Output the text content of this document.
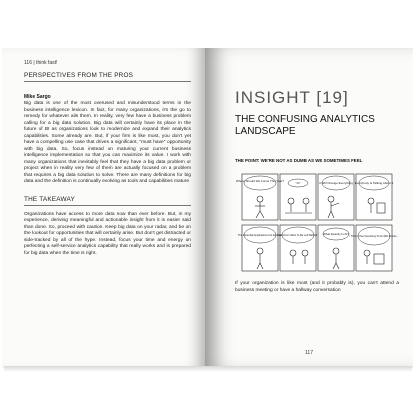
116 | think fast!
PERSPECTIVES FROM THE PROS
Mike Sargo

Big data is one of the most overused and misunderstood terms in the business intelligence lexicon. In fact, for many organizations, it's the go to remedy for whatever ails them. In reality, very few have a business problem calling for a big data solution. Big data will certainly have its place in the future of BI as organizations look to modernize and expand their analytics capabilities. Some already are. But, if your firm is like most, you don't yet have a compelling use case that drives a significant, "must have" opportunity with big data. So, focus instead on maturing your current business intelligence implementation so that you can maximize its value. I work with many organizations that inevitably feel that they have a big data problem or project when in reality very few of them are actually focused on a problem that requires a big data solution to solve. There are many definitions for big data and the definition is continually evolving as tools and capabilities mature

THE TAKEAWAY

Organizations have access to more data now than ever before. But, in my experience, deriving meaningful and actionable insight from it is easier said than done. So, proceed with caution. Keep big data on your radar, and be on the lookout for opportunities that will certainly arise. But don't get distracted or side-tracked by all of the hype. Instead, focus your time and energy on perfecting a self-service analytics capability that really works and is prepared for big data when the time is right.

INSIGHT [19]
THE CONFUSING ANALYTICS LANDSCAPE
THE POINT: WE'RE NOT AS DUMB AS WE SOMETIMES FEEL
Where Should We Focus This Year?	"AI"	It Will Change Everything Everybody Is Talking About It
The Potential Applications Are Endless
We Don't Want To Be Left Behind What Exactly Is AI?
I Think It Has Something To Do With Robots...

If your organization is like most (and it probably is), you can't attend a business meeting or have a hallway conversation

117
